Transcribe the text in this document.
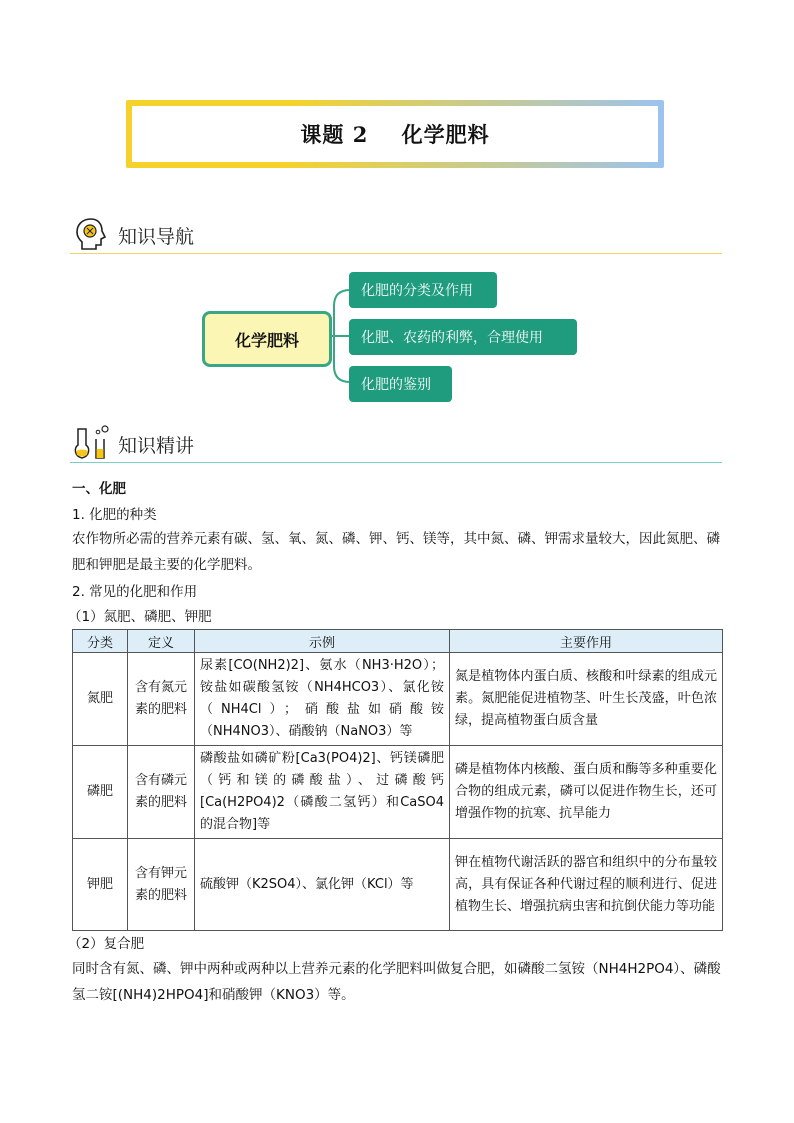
课题 2    化学肥料
知识导航
化学肥料
化肥的分类及作用
化肥、农药的利弊，合理使用
化肥的鉴别
知识精讲
一、化肥
1. 化肥的种类
农作物所必需的营养元素有碳、氢、氧、氮、磷、钾、钙、镁等，其中氮、磷、钾需求量较大，因此氮肥、磷肥和钾肥是最主要的化学肥料。
2. 常见的化肥和作用
（1）氮肥、磷肥、钾肥
分类	定义	示例	主要作用
氮肥	含有氮元素的肥料	尿素[CO(NH2)2]、氨水（NH3·H2O）；铵盐如碳酸氢铵（NH4HCO3）、氯化铵（NH4Cl）；硝酸盐如硝酸铵（NH4NO3）、硝酸钠（NaNO3）等	氮是植物体内蛋白质、核酸和叶绿素的组成元素。氮肥能促进植物茎、叶生长茂盛，叶色浓绿，提高植物蛋白质含量
磷肥	含有磷元素的肥料	磷酸盐如磷矿粉[Ca3(PO4)2]、钙镁磷肥（钙和镁的磷酸盐）、过磷酸钙[Ca(H2PO4)2（磷酸二氢钙）和CaSO4的混合物]等	磷是植物体内核酸、蛋白质和酶等多种重要化合物的组成元素，磷可以促进作物生长，还可增强作物的抗寒、抗旱能力
钾肥	含有钾元素的肥料	硫酸钾（K2SO4）、氯化钾（KCl）等	钾在植物代谢活跃的器官和组织中的分布量较高，具有保证各种代谢过程的顺利进行、促进植物生长、增强抗病虫害和抗倒伏能力等功能
（2）复合肥
同时含有氮、磷、钾中两种或两种以上营养元素的化学肥料叫做复合肥，如磷酸二氢铵（NH4H2PO4）、磷酸氢二铵[(NH4)2HPO4]和硝酸钾（KNO3）等。
